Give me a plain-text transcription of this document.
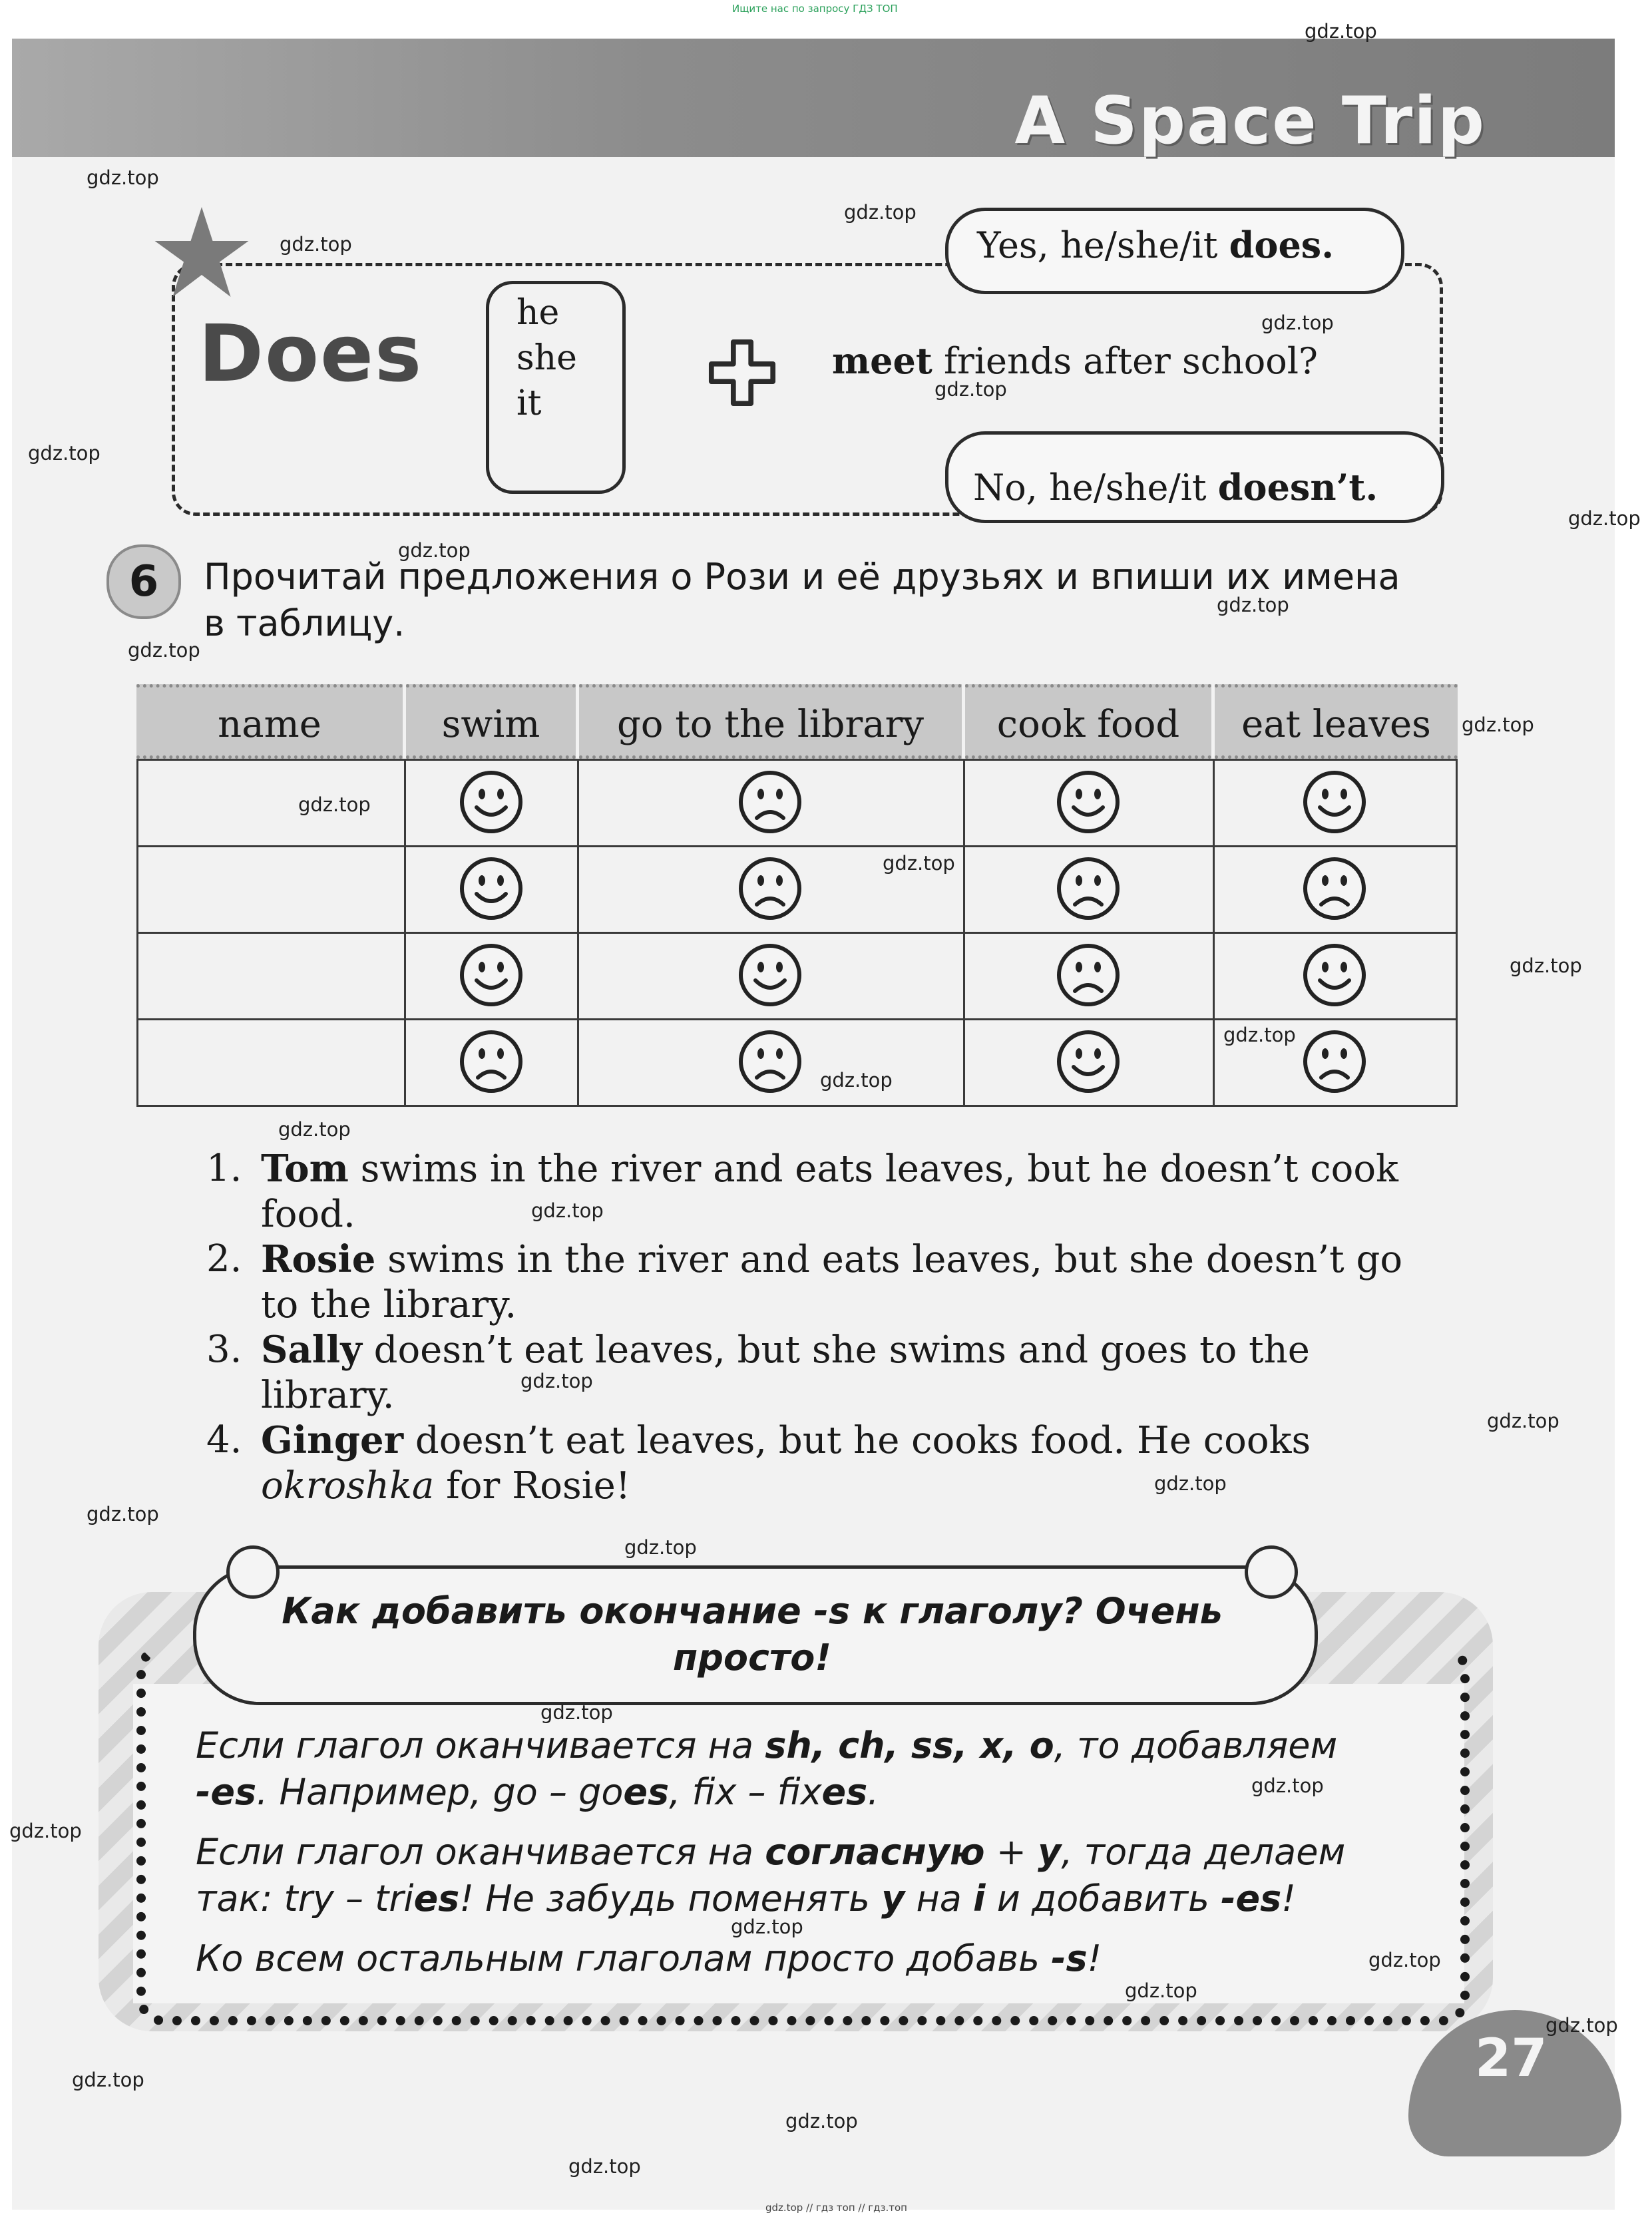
Ищите нас по запросу ГДЗ ТОП
A Space Trip
Does	he
she
it
meet friends after school?
Yes, he/she/it does.
No, he/she/it doesn’t.
6	Прочитай предложения о Рози и её друзьях и впиши их имена в таблицу.
name	swim	go to the library	cook food	eat leaves
1. Tom swims in the river and eats leaves, but he doesn’t cook food.
2. Rosie swims in the river and eats leaves, but she doesn’t go to the library.
3. Sally doesn’t eat leaves, but she swims and goes to the library.
4. Ginger doesn’t eat leaves, but he cooks food. He cooks okroshka for Rosie!
Как добавить окончание -s к глаголу? Очень просто!
Если глагол оканчивается на sh, ch, ss, x, o, то добавляем
-es. Например, go – goes, fix – fixes.
Если глагол оканчивается на согласную + y, тогда делаем
так: try – tries! Не забудь поменять y на i и добавить -es!
Ко всем остальным глаголам просто добавь -s!
27
gdz.top // гдз топ // гдз.топ
gdz.top
gdz.top
gdz.top
gdz.top
gdz.top
gdz.top
gdz.top
gdz.top
gdz.top
gdz.top
gdz.top
gdz.top
gdz.top
gdz.top
gdz.top
gdz.top
gdz.top
gdz.top
gdz.top
gdz.top
gdz.top
gdz.top
gdz.top
gdz.top
gdz.top
gdz.top
gdz.top
gdz.top
gdz.top
gdz.top
gdz.top
gdz.top
gdz.top
gdz.top
